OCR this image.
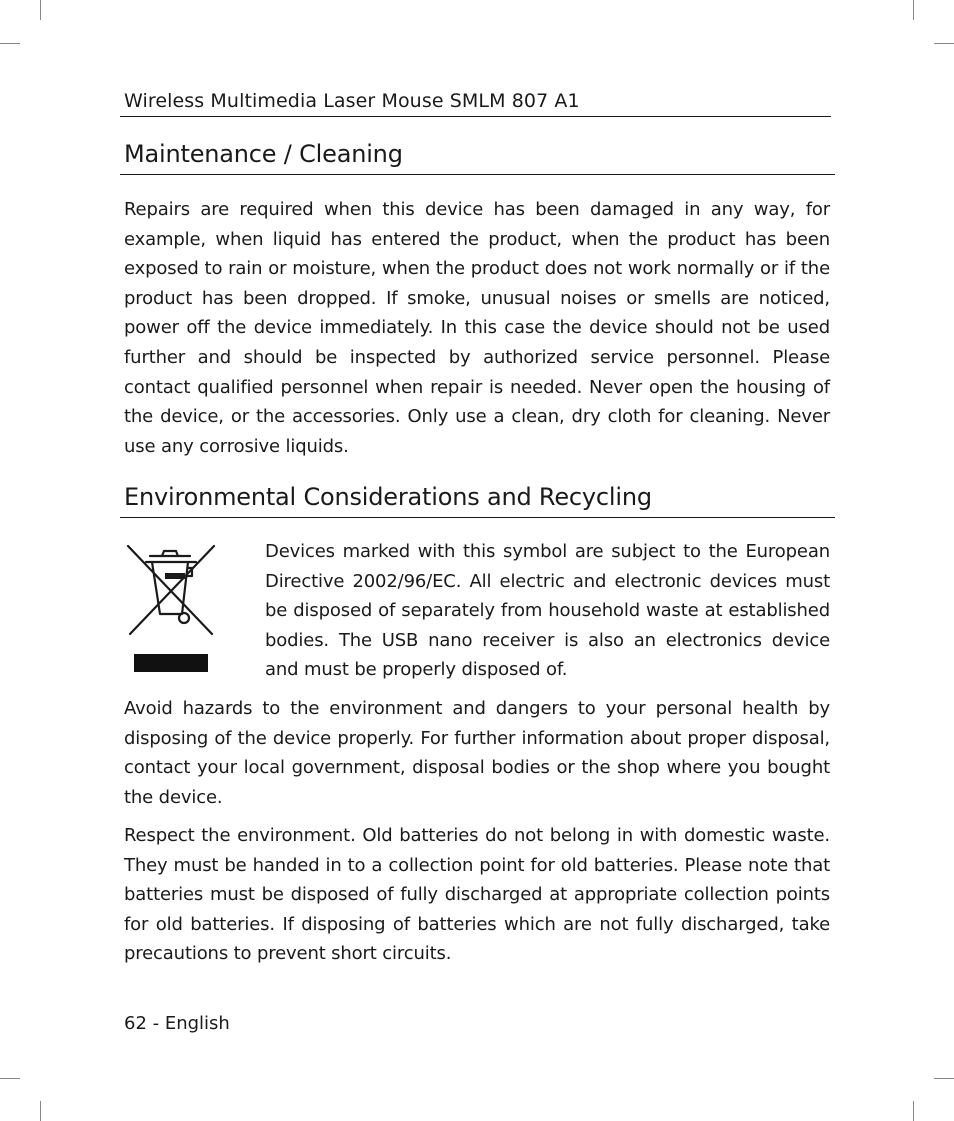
Wireless Multimedia Laser Mouse SMLM 807 A1
Maintenance / Cleaning

Repairs are required when this device has been damaged in any way, for example, when liquid has entered the product, when the product has been exposed to rain or moisture, when the product does not work normally or if the product has been dropped. If smoke, unusual noises or smells are noticed, power off the device immediately. In this case the device should not be used further and should be inspected by authorized service personnel. Please contact qualified personnel when repair is needed. Never open the housing of the device, or the accessories. Only use a clean, dry cloth for cleaning. Never use any corrosive liquids.

Environmental Considerations and Recycling

Devices marked with this symbol are subject to the European Directive 2002/96/EC. All electric and electronic devices must be disposed of separately from household waste at established bodies. The USB nano receiver is also an electronics device and must be properly disposed of.

Avoid hazards to the environment and dangers to your personal health by disposing of the device properly. For further information about proper disposal, contact your local government, disposal bodies or the shop where you bought the device.

Respect the environment. Old batteries do not belong in with domestic waste. They must be handed in to a collection point for old batteries. Please note that batteries must be disposed of fully discharged at appropriate collection points for old batteries. If disposing of batteries which are not fully discharged, take precautions to prevent short circuits.

62 - English
